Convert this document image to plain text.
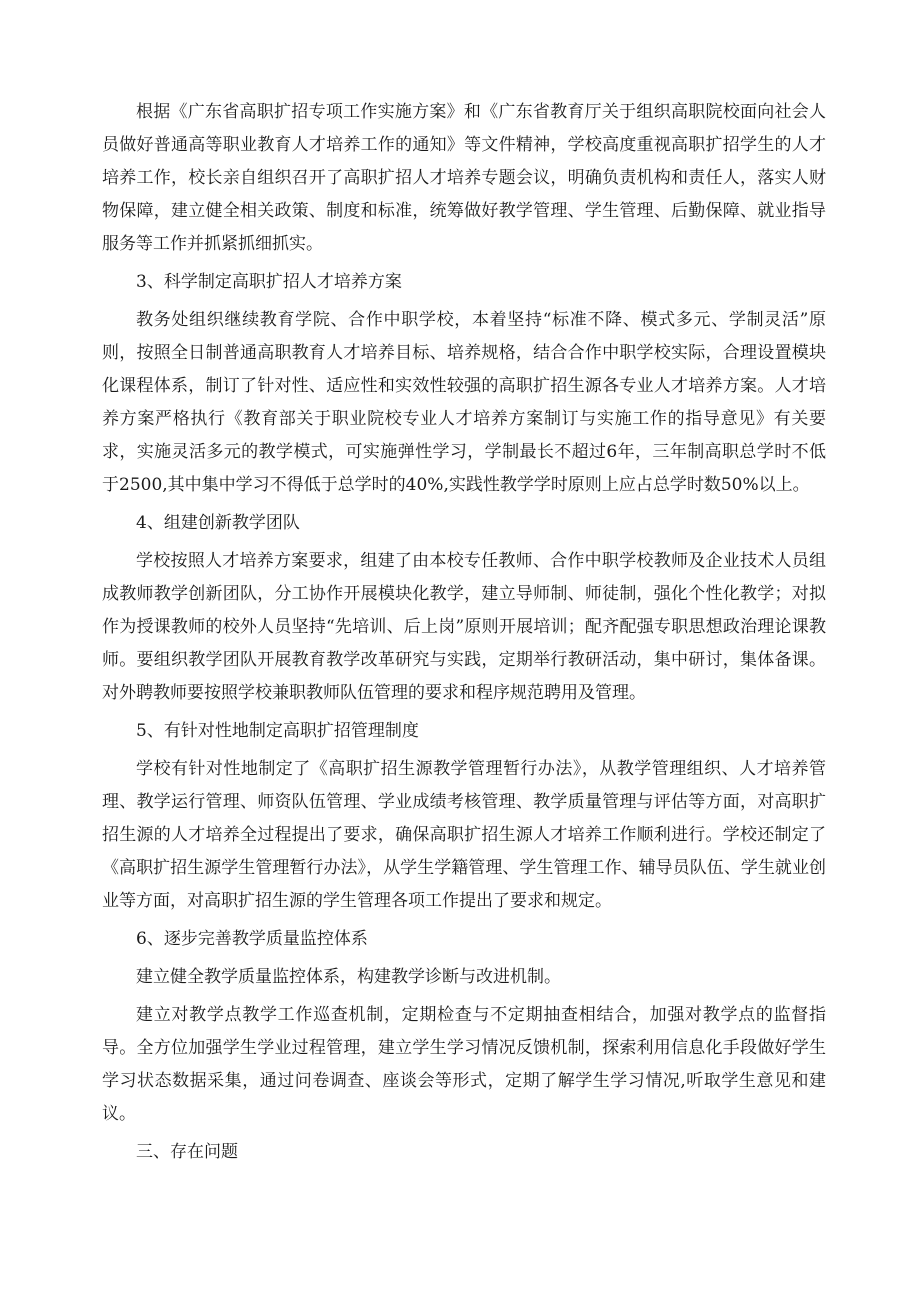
根据《广东省高职扩招专项工作实施方案》和《广东省教育厅关于组织高职院校面向社会人员做好普通高等职业教育人才培养工作的通知》等文件精神，学校高度重视高职扩招学生的人才培养工作，校长亲自组织召开了高职扩招人才培养专题会议，明确负责机构和责任人，落实人财物保障，建立健全相关政策、制度和标准，统筹做好教学管理、学生管理、后勤保障、就业指导服务等工作并抓紧抓细抓实。

3、科学制定高职扩招人才培养方案

教务处组织继续教育学院、合作中职学校，本着坚持“标准不降、模式多元、学制灵活”原则，按照全日制普通高职教育人才培养目标、培养规格，结合合作中职学校实际，合理设置模块化课程体系，制订了针对性、适应性和实效性较强的高职扩招生源各专业人才培养方案。人才培养方案严格执行《教育部关于职业院校专业人才培养方案制订与实施工作的指导意见》有关要求，实施灵活多元的教学模式，可实施弹性学习，学制最长不超过6年，三年制高职总学时不低于2500,其中集中学习不得低于总学时的40%,实践性教学学时原则上应占总学时数50%以上。

4、组建创新教学团队

学校按照人才培养方案要求，组建了由本校专任教师、合作中职学校教师及企业技术人员组成教师教学创新团队，分工协作开展模块化教学，建立导师制、师徒制，强化个性化教学；对拟作为授课教师的校外人员坚持“先培训、后上岗”原则开展培训；配齐配强专职思想政治理论课教师。要组织教学团队开展教育教学改革研究与实践，定期举行教研活动，集中研讨，集体备课。对外聘教师要按照学校兼职教师队伍管理的要求和程序规范聘用及管理。

5、有针对性地制定高职扩招管理制度

学校有针对性地制定了《高职扩招生源教学管理暂行办法》，从教学管理组织、人才培养管理、教学运行管理、师资队伍管理、学业成绩考核管理、教学质量管理与评估等方面，对高职扩招生源的人才培养全过程提出了要求，确保高职扩招生源人才培养工作顺利进行。学校还制定了《高职扩招生源学生管理暂行办法》，从学生学籍管理、学生管理工作、辅导员队伍、学生就业创业等方面，对高职扩招生源的学生管理各项工作提出了要求和规定。

6、逐步完善教学质量监控体系

建立健全教学质量监控体系，构建教学诊断与改进机制。

建立对教学点教学工作巡查机制，定期检查与不定期抽查相结合，加强对教学点的监督指导。全方位加强学生学业过程管理，建立学生学习情况反馈机制，探索利用信息化手段做好学生学习状态数据采集，通过问卷调查、座谈会等形式，定期了解学生学习情况,听取学生意见和建议。

三、存在问题
